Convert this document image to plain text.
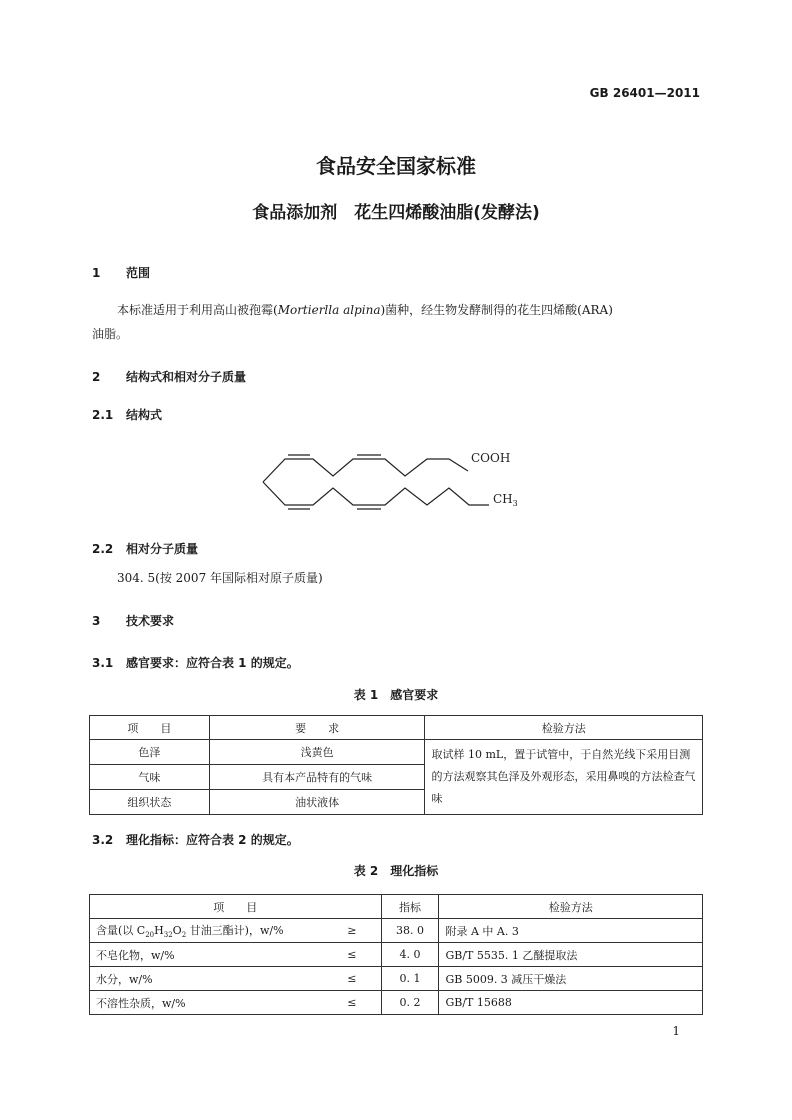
GB 26401—2011
食品安全国家标准
食品添加剂　花生四烯酸油脂(发酵法)
1 范围
本标准适用于利用高山被孢霉(Mortierlla alpina)菌种，经生物发酵制得的花生四烯酸(ARA)
油脂。
2 结构式和相对分子质量
2.1 结构式
COOH
$CH_3$
2.2 相对分子质量
304. 5(按 2007 年国际相对原子质量)
3 技术要求
3.1 感官要求：应符合表 1 的规定。
表 1　感官要求
项　　目	要　　求	检验方法
色泽	浅黄色	取试样 10 mL，置于试管中，于自然光线下采用目测的方法观察其色泽及外观形态，采用鼻嗅的方法检查气味
气味	具有本产品特有的气味	
组织状态	油状液体	
3.2 理化指标：应符合表 2 的规定。
表 2　理化指标
项　　目		指标	检验方法
含量(以 $C_{20}H_{32}O_2$ 甘油三酯计)，w/%	≥	38. 0	附录 A 中 A. 3
不皂化物，w/%	≤	4. 0	GB/T 5535. 1 乙醚提取法
水分，w/%	≤	0. 1	GB 5009. 3 减压干燥法
不溶性杂质，w/%	≤	0. 2	GB/T 15688
1
